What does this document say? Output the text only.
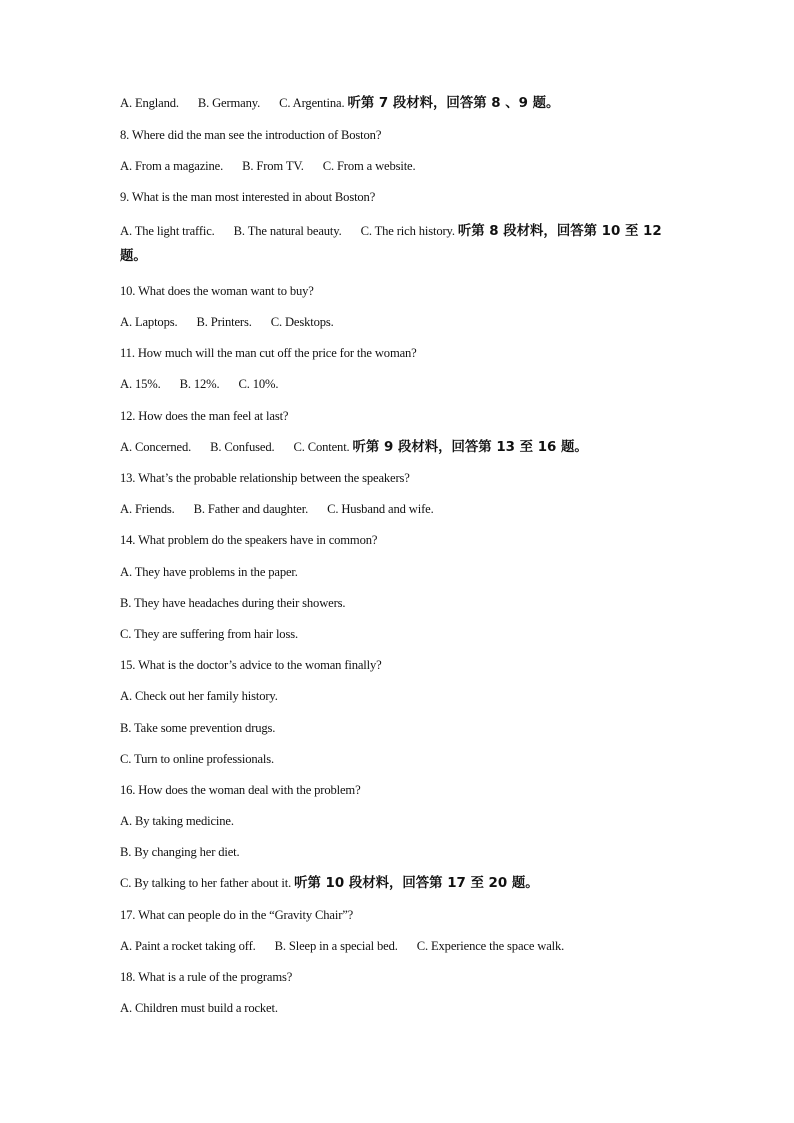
A. England. B. Germany. C. Argentina. 听第 7 段材料，回答第 8 、9 题。
8. Where did the man see the introduction of Boston?
A. From a magazine. B. From TV. C. From a website.
9. What is the man most interested in about Boston?
A. The light traffic. B. The natural beauty. C. The rich history. 听第 8 段材料，回答第 10 至 12 题。
10. What does the woman want to buy?
A. Laptops. B. Printers. C. Desktops.
11. How much will the man cut off the price for the woman?
A. 15%. B. 12%. C. 10%.
12. How does the man feel at last?
A. Concerned. B. Confused. C. Content. 听第 9 段材料，回答第 13 至 16 题。
13. What’s the probable relationship between the speakers?
A. Friends. B. Father and daughter. C. Husband and wife.
14. What problem do the speakers have in common?
A. They have problems in the paper.
B. They have headaches during their showers.
C. They are suffering from hair loss.
15. What is the doctor’s advice to the woman finally?
A. Check out her family history.
B. Take some prevention drugs.
C. Turn to online professionals.
16. How does the woman deal with the problem?
A. By taking medicine.
B. By changing her diet.
C. By talking to her father about it. 听第 10 段材料，回答第 17 至 20 题。
17. What can people do in the “Gravity Chair”?
A. Paint a rocket taking off. B. Sleep in a special bed. C. Experience the space walk.
18. What is a rule of the programs?
A. Children must build a rocket.
